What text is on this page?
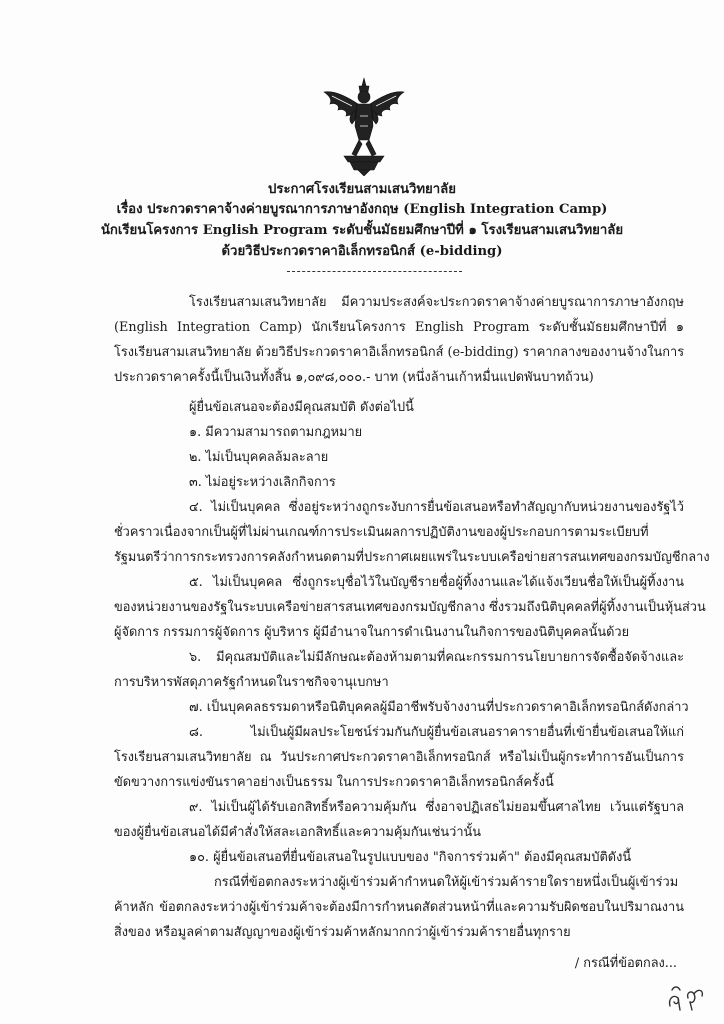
ประกาศโรงเรียนสามเสนวิทยาลัย
เรื่อง ประกวดราคาจ้างค่ายบูรณาการภาษาอังกฤษ (English Integration Camp)
นักเรียนโครงการ English Program ระดับชั้นมัธยมศึกษาปีที่ ๑ โรงเรียนสามเสนวิทยาลัย
ด้วยวิธีประกวดราคาอิเล็กทรอนิกส์ (e-bidding)
โรงเรียนสามเสนวิทยาลัย มีความประสงค์จะประกวดราคาจ้างค่ายบูรณาการภาษาอังกฤษ
(English Integration Camp) นักเรียนโครงการ English Program ระดับชั้นมัธยมศึกษาปีที่ ๑
โรงเรียนสามเสนวิทยาลัย ด้วยวิธีประกวดราคาอิเล็กทรอนิกส์ (e-bidding) ราคากลางของงานจ้างในการ
ประกวดราคาครั้งนี้เป็นเงินทั้งสิ้น ๑,๐๙๘,๐๐๐.- บาท (หนึ่งล้านเก้าหมื่นแปดพันบาทถ้วน)
ผู้ยื่นข้อเสนอจะต้องมีคุณสมบัติ ดังต่อไปนี้
๑. มีความสามารถตามกฎหมาย
๒. ไม่เป็นบุคคลล้มละลาย
๓. ไม่อยู่ระหว่างเลิกกิจการ
๔. ไม่เป็นบุคคล ซึ่งอยู่ระหว่างถูกระงับการยื่นข้อเสนอหรือทำสัญญากับหน่วยงานของรัฐไว้
ชั่วคราวเนื่องจากเป็นผู้ที่ไม่ผ่านเกณฑ์การประเมินผลการปฏิบัติงานของผู้ประกอบการตามระเบียบที่
รัฐมนตรีว่าการกระทรวงการคลังกำหนดตามที่ประกาศเผยแพร่ในระบบเครือข่ายสารสนเทศของกรมบัญชีกลาง
๕. ไม่เป็นบุคคล ซึ่งถูกระบุชื่อไว้ในบัญชีรายชื่อผู้ทิ้งงานและได้แจ้งเวียนชื่อให้เป็นผู้ทิ้งงาน
ของหน่วยงานของรัฐในระบบเครือข่ายสารสนเทศของกรมบัญชีกลาง ซึ่งรวมถึงนิติบุคคลที่ผู้ทิ้งงานเป็นหุ้นส่วน
ผู้จัดการ กรรมการผู้จัดการ ผู้บริหาร ผู้มีอำนาจในการดำเนินงานในกิจการของนิติบุคคลนั้นด้วย
๖. มีคุณสมบัติและไม่มีลักษณะต้องห้ามตามที่คณะกรรมการนโยบายการจัดซื้อจัดจ้างและ
การบริหารพัสดุภาครัฐกำหนดในราชกิจจานุเบกษา
๗. เป็นบุคคลธรรมดาหรือนิติบุคคลผู้มีอาชีพรับจ้างงานที่ประกวดราคาอิเล็กทรอนิกส์ดังกล่าว
๘. ไม่เป็นผู้มีผลประโยชน์ร่วมกันกับผู้ยื่นข้อเสนอราคารายอื่นที่เข้ายื่นข้อเสนอให้แก่
โรงเรียนสามเสนวิทยาลัย ณ วันประกาศประกวดราคาอิเล็กทรอนิกส์ หรือไม่เป็นผู้กระทำการอันเป็นการ
ขัดขวางการแข่งขันราคาอย่างเป็นธรรม ในการประกวดราคาอิเล็กทรอนิกส์ครั้งนี้
๙. ไม่เป็นผู้ได้รับเอกสิทธิ์หรือความคุ้มกัน ซึ่งอาจปฏิเสธไม่ยอมขึ้นศาลไทย เว้นแต่รัฐบาล
ของผู้ยื่นข้อเสนอได้มีคำสั่งให้สละเอกสิทธิ์และความคุ้มกันเช่นว่านั้น
๑๐. ผู้ยื่นข้อเสนอที่ยื่นข้อเสนอในรูปแบบของ "กิจการร่วมค้า" ต้องมีคุณสมบัติดังนี้
กรณีที่ข้อตกลงระหว่างผู้เข้าร่วมค้ากำหนดให้ผู้เข้าร่วมค้ารายใดรายหนึ่งเป็นผู้เข้าร่วม
ค้าหลัก ข้อตกลงระหว่างผู้เข้าร่วมค้าจะต้องมีการกำหนดสัดส่วนหน้าที่และความรับผิดชอบในปริมาณงาน
สิ่งของ หรือมูลค่าตามสัญญาของผู้เข้าร่วมค้าหลักมากกว่าผู้เข้าร่วมค้ารายอื่นทุกราย
/ กรณีที่ข้อตกลง...
